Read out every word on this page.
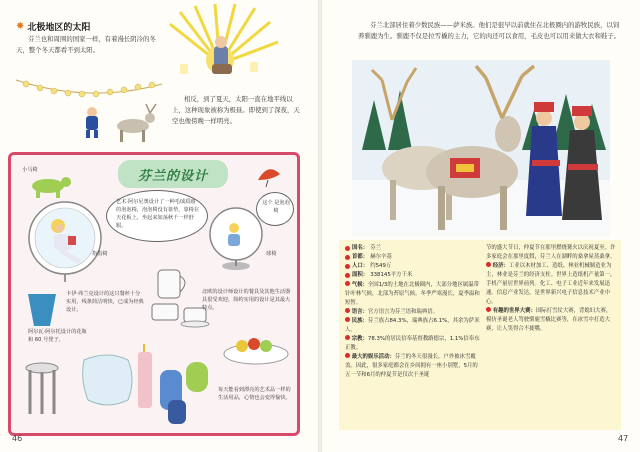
✸ 北极地区的太阳
芬兰也和周围的国家一样，有着漫长阴冷的冬天，整个冬天都看不到太阳。
相反，到了夏天，太阳一直在地平线以上，这种现象被称为极昼。即使到了深夜，天空也像傍晚一样明亮。
芬兰的设计
小马椅
艺术·阿尔尼奥设计了一种毛绒质感的泡泡椅，泡泡椅没有靠垫，靠椅在天花板上，坐起来如荡秋千一样舒服。
指指椅
这个 是泡泡椅
球椅
卡伊·弗兰克设计的这只餐杯十分实用，线条简洁明快，已成为经典设计。
北欧的设计师设计的餐具及其他生活器具很受欢迎，简约实用的设计是其最大特点。
阿尔瓦·阿尔托设计的花瓶和 60 号凳子。
每天能看到漂亮的艺术品一样的生活用品，心情也会变得愉快。
46
芬兰北部居住着少数民族——萨米族。他们是很早以前就住在北极圈内的游牧民族，以饲养驯鹿为生。驯鹿不仅是拉雪橇的主力，它的肉还可以食用，毛皮也可以用来做大衣和鞋子。
国名： 芬兰
首都： 赫尔辛基
人口： 约549万
面积： 338145平方千米
气候：全国1/3的土地在北极圈内，大部分地区属温带针叶林气候，北部为苔原气候。冬季严寒漫长，夏季温和短暂。
语言：官方语言为芬兰语和瑞典语。
民族：芬兰族占84.3%，瑞典族占6.1%，其余为萨米人。
宗教：78.3%的居民信奉基督教路德宗，1.1%信奉东正教。
最大的娱乐活动：芬兰的冬天很漫长，户外被冰雪覆盖。因此，很多家庭都会在乡间拥有一座小别墅，5月的五一节和6月的仲夏节是仅次于圣诞
节的盛大节日，仲夏节在那里燃烧篝火以庆祝夏至。许多家庭会在那里度假，芬兰人在湖畔的桑拿屋蒸桑拿。
经济：工业以木材加工、造纸、林业机械制造业为主，林业是芬兰的经济支柱。世界上造纸机产量第一，手机产量居世界前列。化工、电子工业近年来发展迅速。信息产业发达，是世界新兴电子信息技术产业中心。
有趣的世界大赛：国际打雪仗大赛，背媳妇大赛，模仿圣诞老人驾驶驯鹿雪橇比赛等，在冰雪中打造大赛，让人笑得合不拢嘴。
47
